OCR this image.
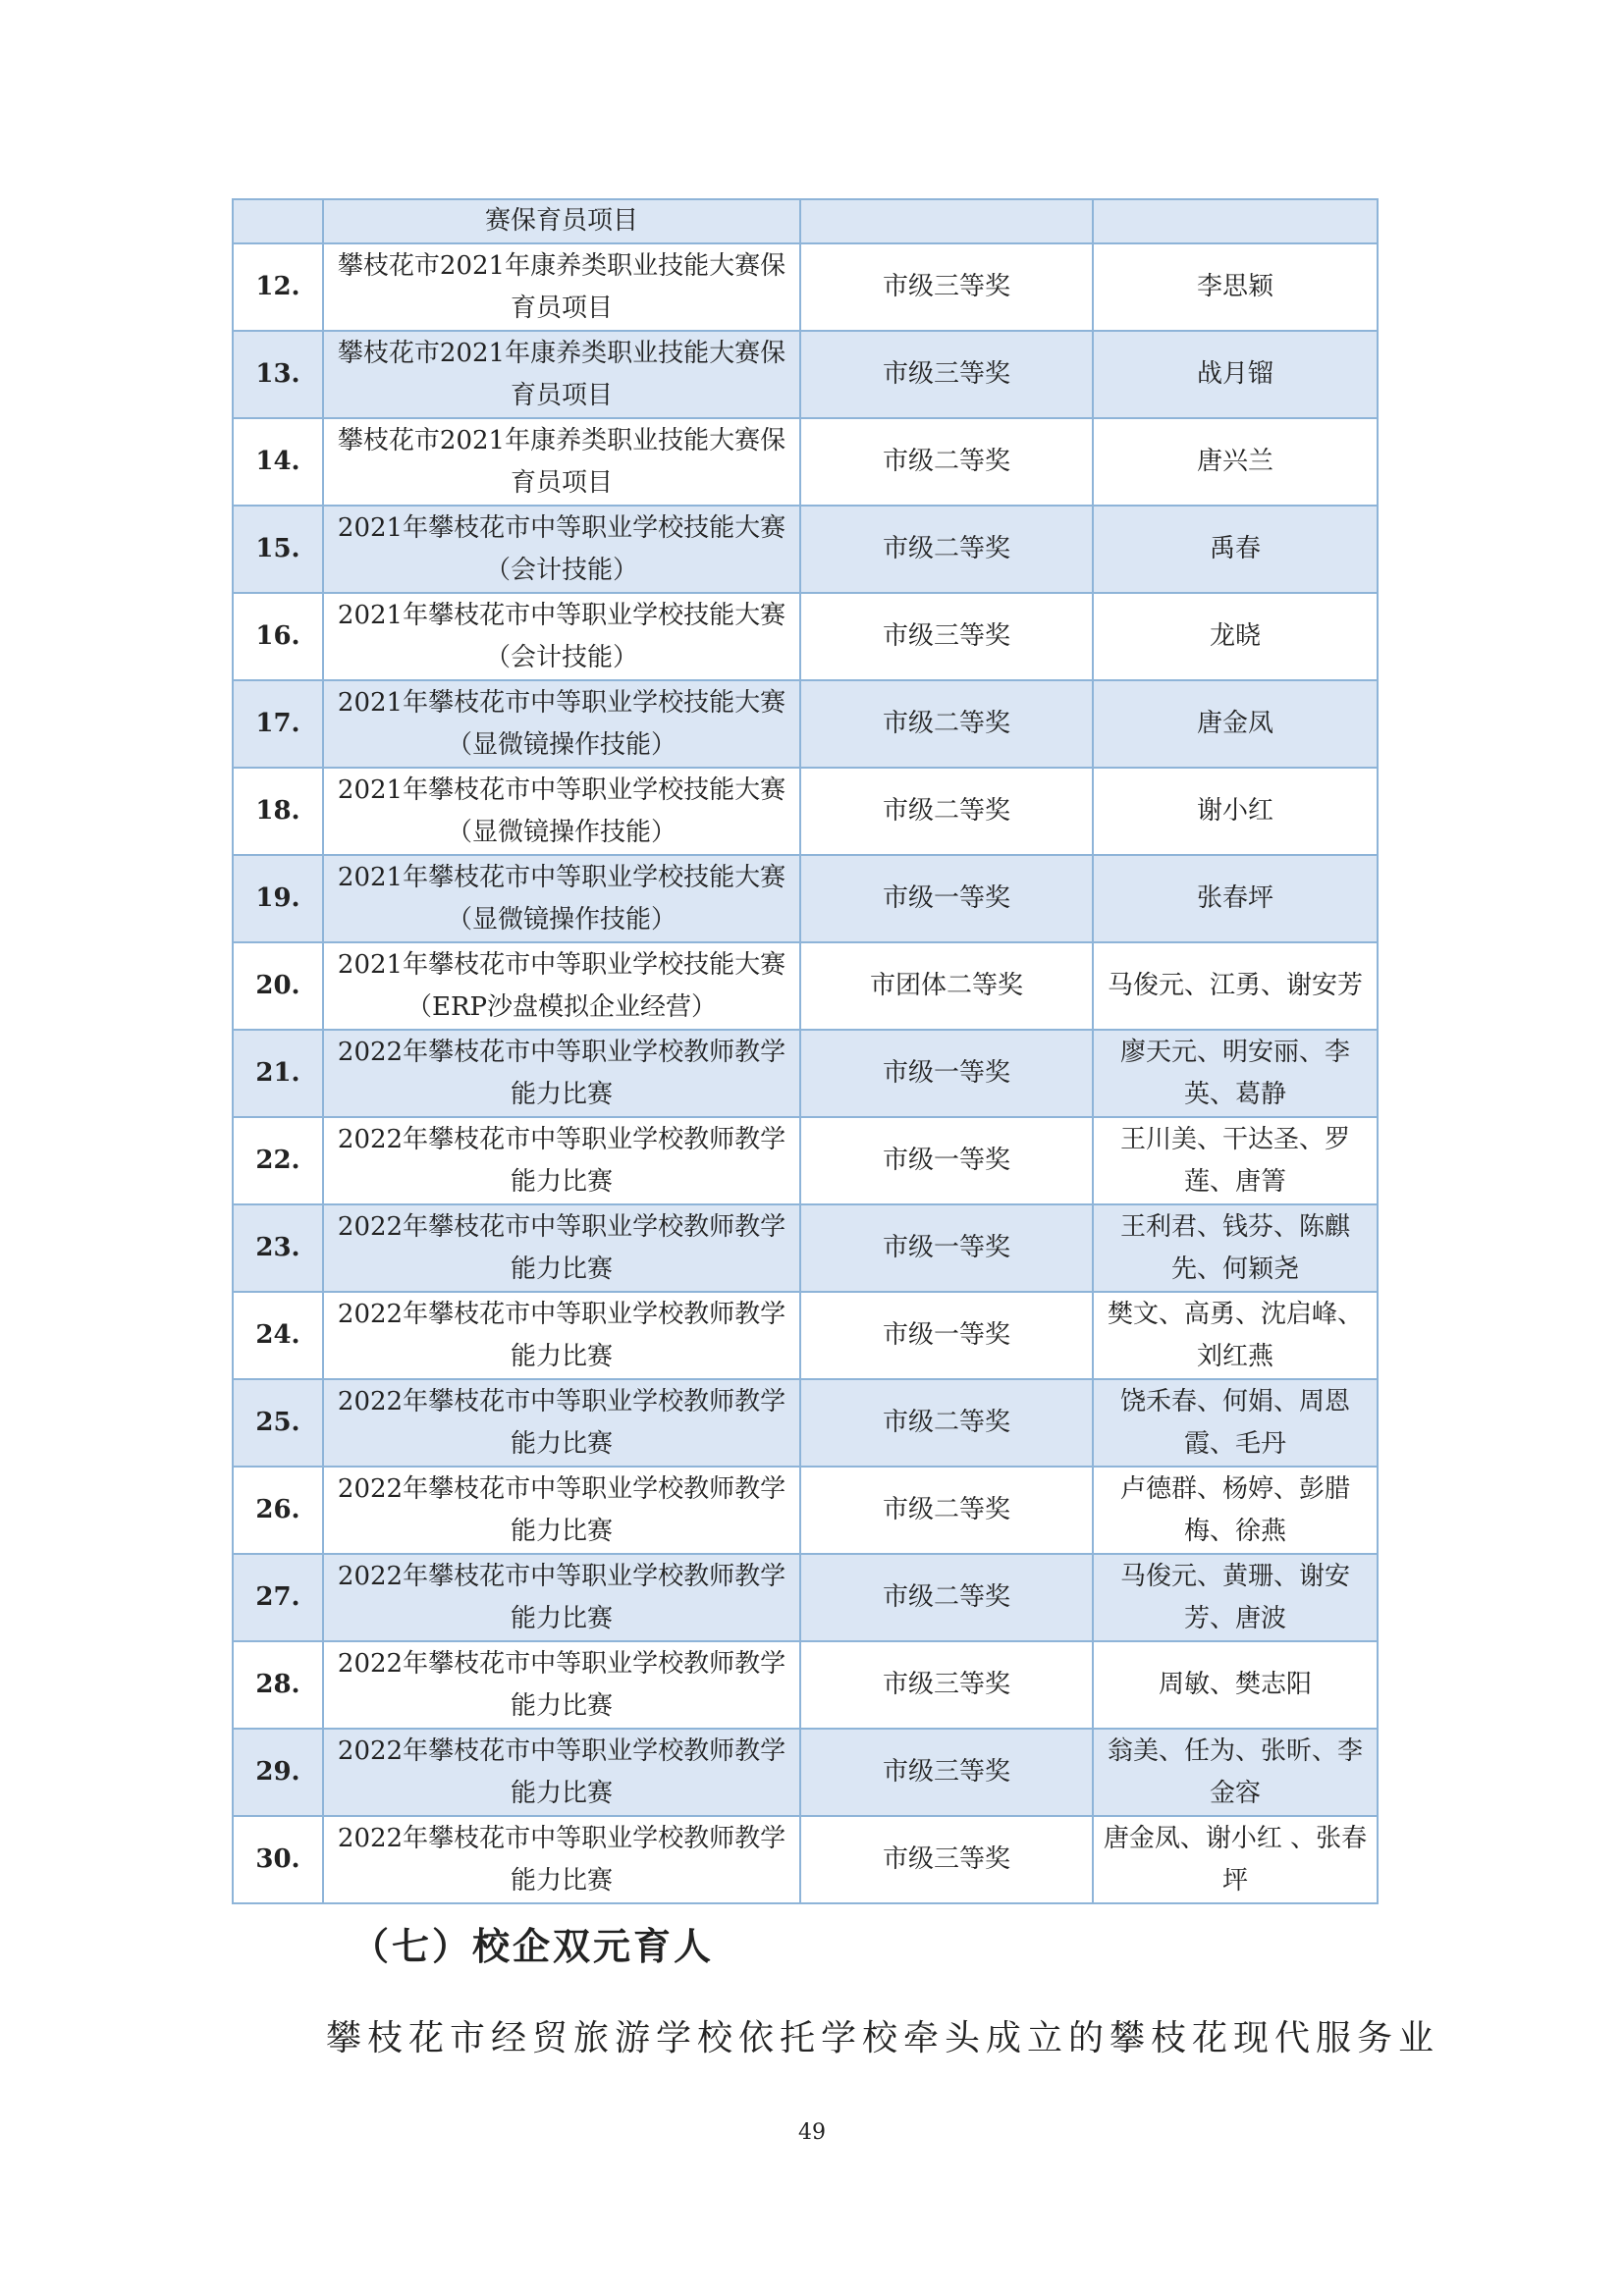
	赛保育员项目		
12.	攀枝花市2021年康养类职业技能大赛保育员项目	市级三等奖	李思颖
13.	攀枝花市2021年康养类职业技能大赛保育员项目	市级三等奖	战月镏
14.	攀枝花市2021年康养类职业技能大赛保育员项目	市级二等奖	唐兴兰
15.	2021年攀枝花市中等职业学校技能大赛（会计技能）	市级二等奖	禹春
16.	2021年攀枝花市中等职业学校技能大赛（会计技能）	市级三等奖	龙晓
17.	2021年攀枝花市中等职业学校技能大赛（显微镜操作技能）	市级二等奖	唐金凤
18.	2021年攀枝花市中等职业学校技能大赛（显微镜操作技能）	市级二等奖	谢小红
19.	2021年攀枝花市中等职业学校技能大赛（显微镜操作技能）	市级一等奖	张春坪
20.	2021年攀枝花市中等职业学校技能大赛（ERP沙盘模拟企业经营）	市团体二等奖	马俊元、江勇、谢安芳
21.	2022年攀枝花市中等职业学校教师教学能力比赛	市级一等奖	廖天元、明安丽、李英、葛静
22.	2022年攀枝花市中等职业学校教师教学能力比赛	市级一等奖	王川美、干达圣、罗莲、唐箐
23.	2022年攀枝花市中等职业学校教师教学能力比赛	市级一等奖	王利君、钱芬、陈麒先、何颖尧
24.	2022年攀枝花市中等职业学校教师教学能力比赛	市级一等奖	樊文、高勇、沈启峰、刘红燕
25.	2022年攀枝花市中等职业学校教师教学能力比赛	市级二等奖	饶禾春、何娟、周恩霞、毛丹
26.	2022年攀枝花市中等职业学校教师教学能力比赛	市级二等奖	卢德群、杨婷、彭腊梅、徐燕
27.	2022年攀枝花市中等职业学校教师教学能力比赛	市级二等奖	马俊元、黄珊、谢安芳、唐波
28.	2022年攀枝花市中等职业学校教师教学能力比赛	市级三等奖	周敏、樊志阳
29.	2022年攀枝花市中等职业学校教师教学能力比赛	市级三等奖	翁美、任为、张昕、李金容
30.	2022年攀枝花市中等职业学校教师教学能力比赛	市级三等奖	唐金凤、谢小红 、张春坪
（七）校企双元育人

攀枝花市经贸旅游学校依托学校牵头成立的攀枝花现代服务业

49
